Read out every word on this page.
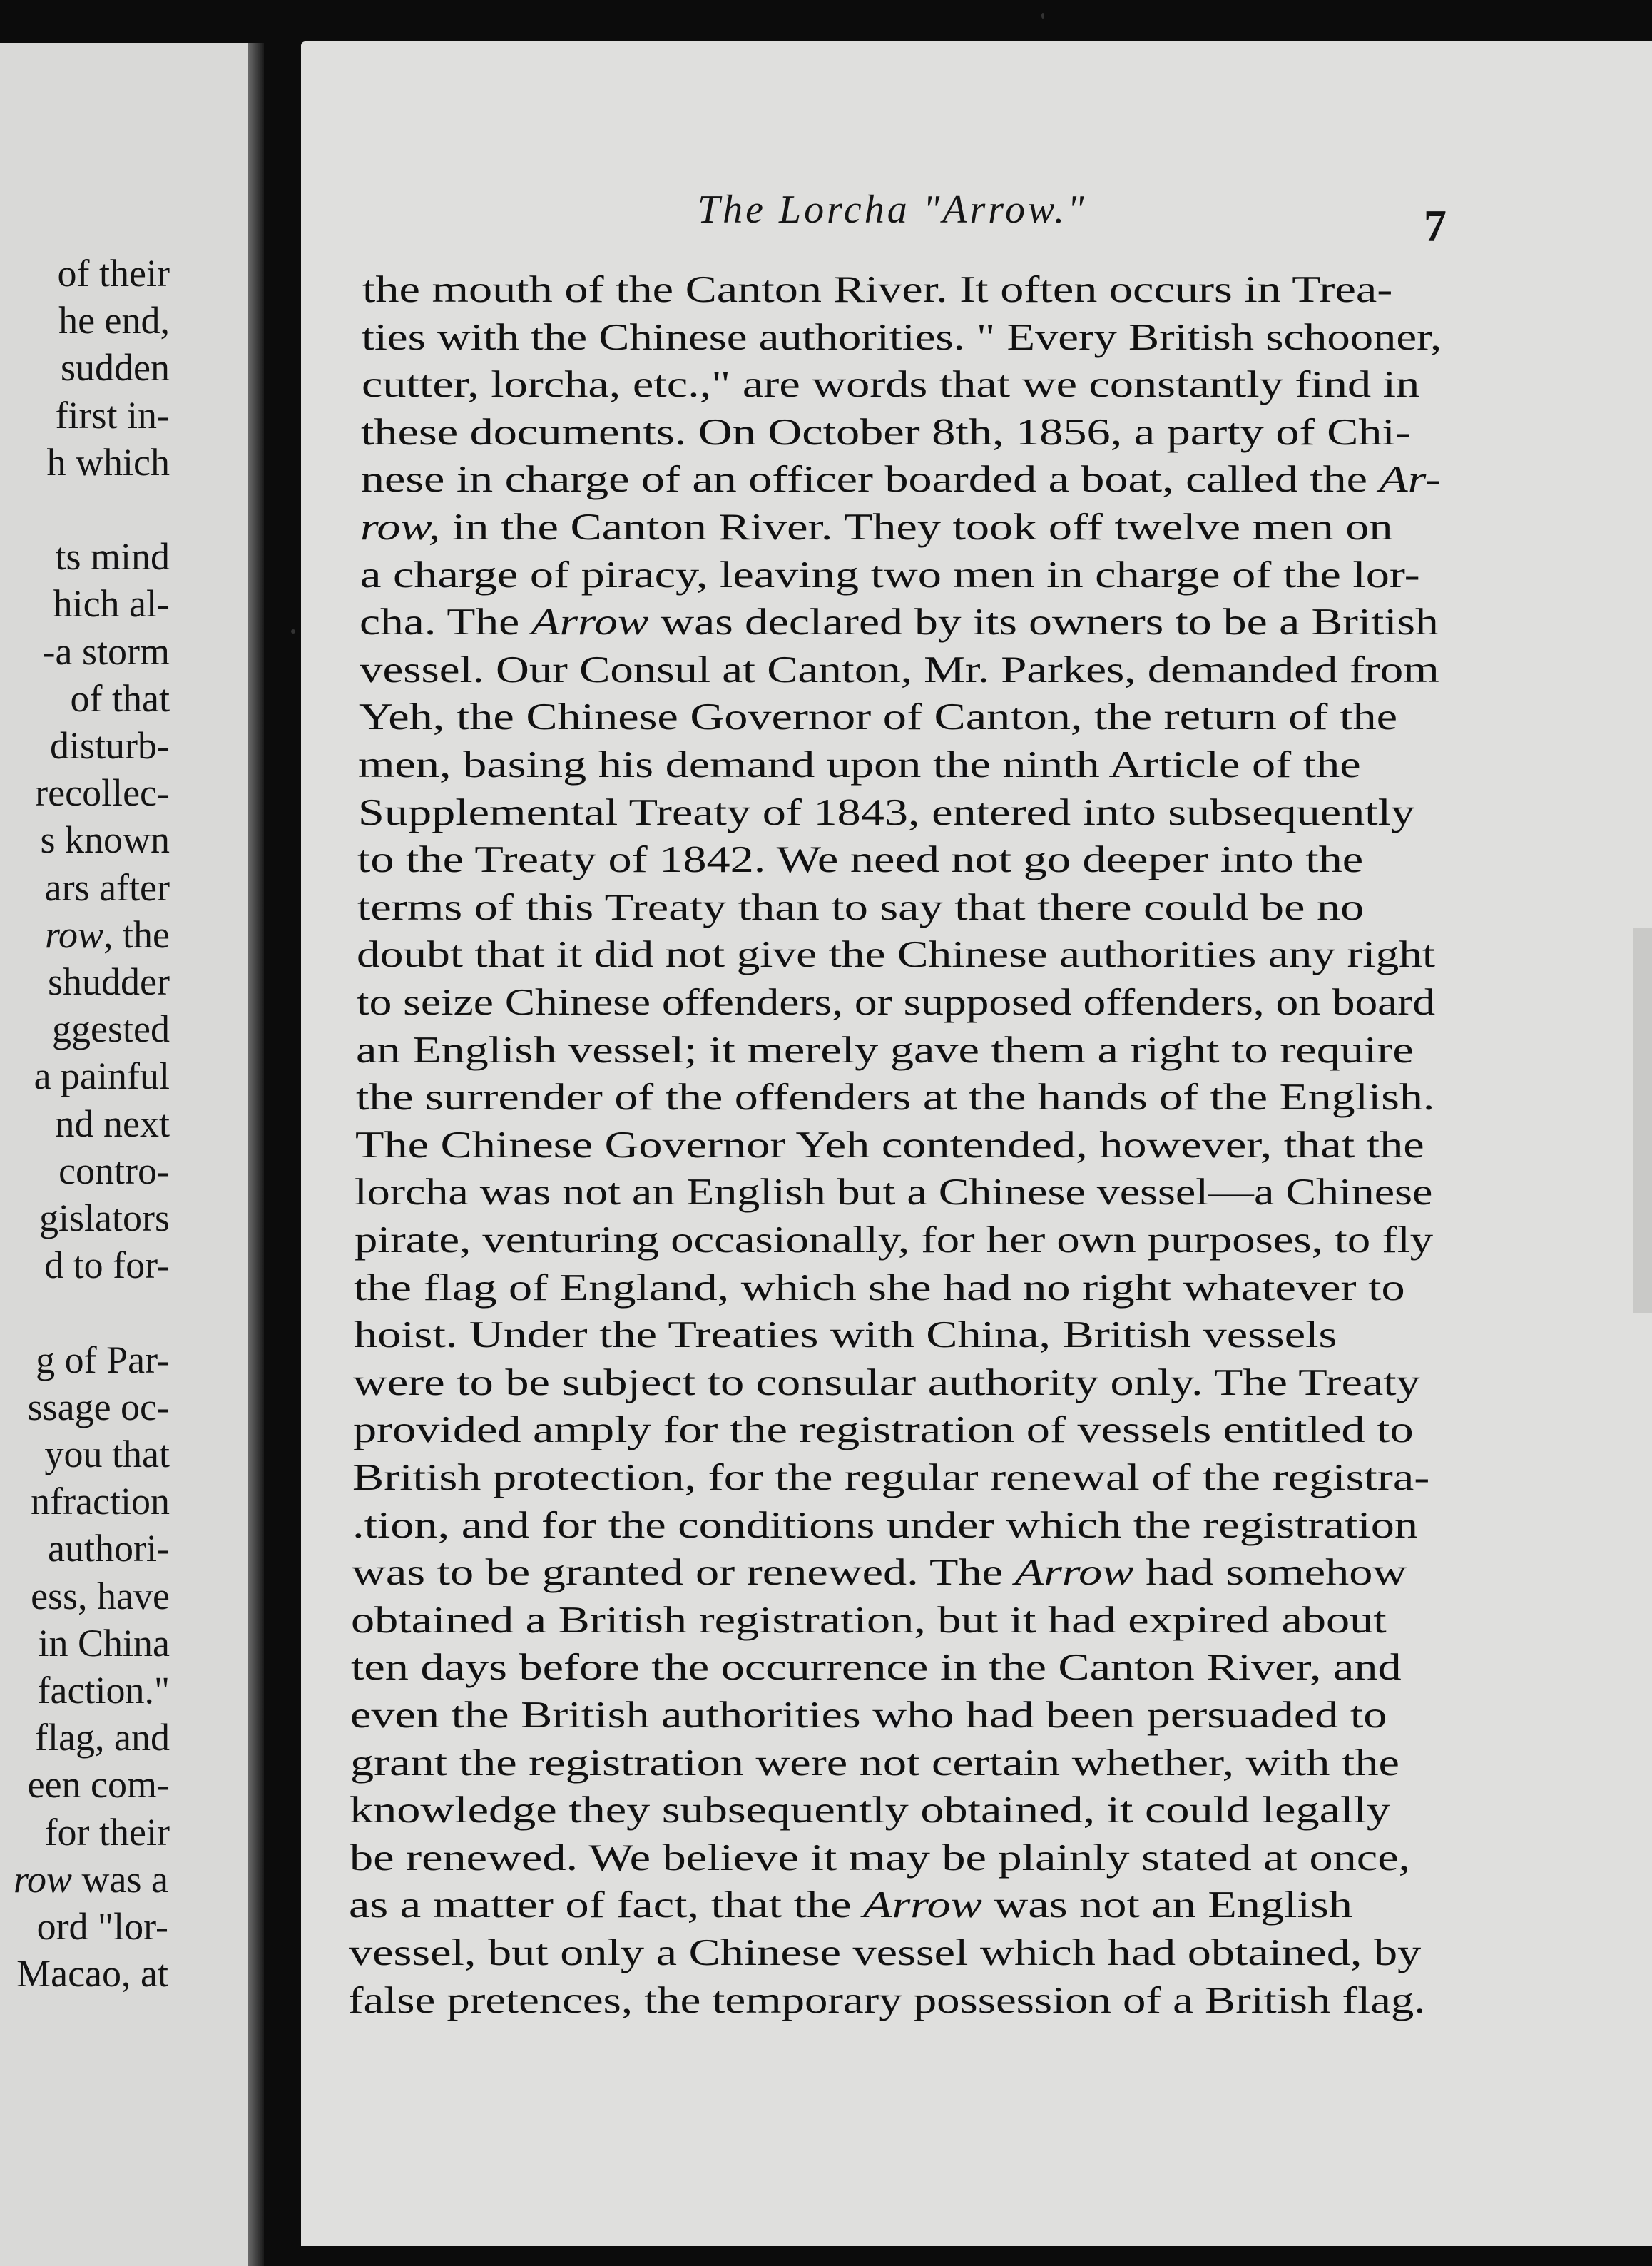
of their
he end,
sudden
first in-
h which
ts mind
hich al-
-a storm
of that
disturb-
recollec-
s known
ars after
row, the
shudder
ggested
a painful
nd next
contro-
gislators
d to for-
g of Par-
ssage oc-
you that
nfraction
authori-
ess, have
in China
faction."
flag, and
een com-
for their
row was a
ord "lor-
Macao, at
The Lorcha "Arrow."	7
the mouth of the Canton River. It often occurs in Trea-
ties with the Chinese authorities. " Every British schooner,
cutter, lorcha, etc.," are words that we constantly find in
these documents. On October 8th, 1856, a party of Chi-
nese in charge of an officer boarded a boat, called the Ar-
row, in the Canton River. They took off twelve men on
a charge of piracy, leaving two men in charge of the lor-
cha. The Arrow was declared by its owners to be a British
vessel. Our Consul at Canton, Mr. Parkes, demanded from
Yeh, the Chinese Governor of Canton, the return of the
men, basing his demand upon the ninth Article of the
Supplemental Treaty of 1843, entered into subsequently
to the Treaty of 1842. We need not go deeper into the
terms of this Treaty than to say that there could be no
doubt that it did not give the Chinese authorities any right
to seize Chinese offenders, or supposed offenders, on board
an English vessel; it merely gave them a right to require
the surrender of the offenders at the hands of the English.
The Chinese Governor Yeh contended, however, that the
lorcha was not an English but a Chinese vessel—a Chinese
pirate, venturing occasionally, for her own purposes, to fly
the flag of England, which she had no right whatever to
hoist. Under the Treaties with China, British vessels
were to be subject to consular authority only. The Treaty
provided amply for the registration of vessels entitled to
British protection, for the regular renewal of the registra-
.tion, and for the conditions under which the registration
was to be granted or renewed. The Arrow had somehow
obtained a British registration, but it had expired about
ten days before the occurrence in the Canton River, and
even the British authorities who had been persuaded to
grant the registration were not certain whether, with the
knowledge they subsequently obtained, it could legally
be renewed. We believe it may be plainly stated at once,
as a matter of fact, that the Arrow was not an English
vessel, but only a Chinese vessel which had obtained, by
false pretences, the temporary possession of a British flag.
